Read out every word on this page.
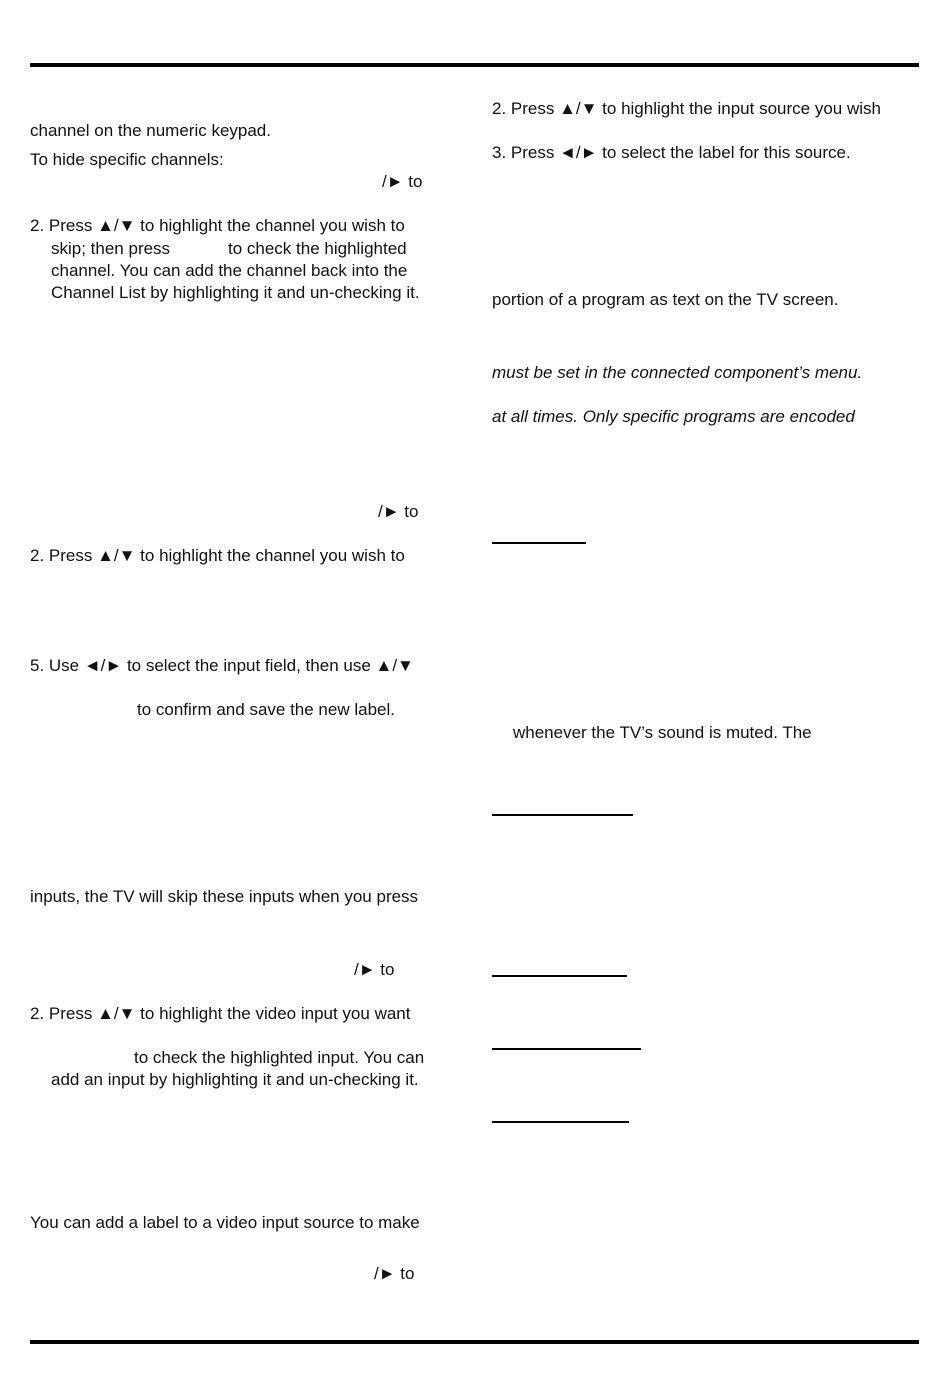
channel on the numeric keypad.
To hide specific channels:
/► to
2. Press ▲/▼ to highlight the channel you wish to
skip; then press	to check the highlighted
channel. You can add the channel back into the
Channel List by highlighting it and un-checking it.
/► to
2. Press ▲/▼ to highlight the channel you wish to
5. Use ◄/► to select the input field, then use ▲/▼
to confirm and save the new label.
inputs, the TV will skip these inputs when you press
/► to
2. Press ▲/▼ to highlight the video input you want
to check the highlighted input. You can
add an input by highlighting it and un-checking it.
You can add a label to a video input source to make
/► to
2. Press ▲/▼ to highlight the input source you wish
3. Press ◄/► to select the label for this source.
portion of a program as text on the TV screen.
must be set in the connected component’s menu.
at all times. Only specific programs are encoded
whenever the TV’s sound is muted. The
